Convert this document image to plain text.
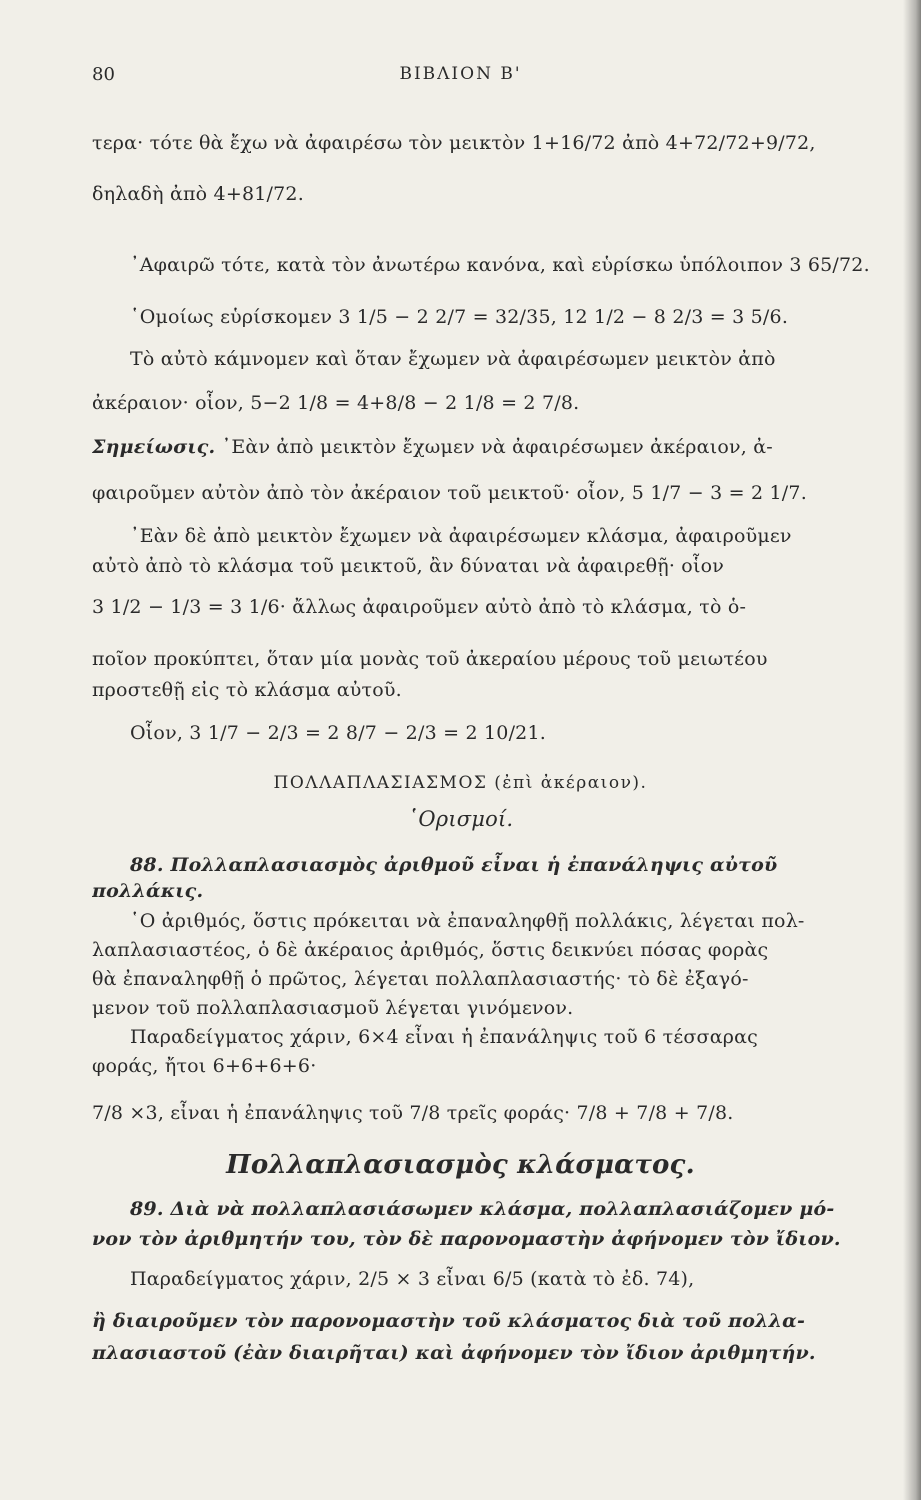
80	ΒΙΒΛΙΟΝ Β'
τερα· τότε θὰ ἔχω νὰ ἀφαιρέσω τὸν μεικτὸν 1+16/72 ἀπὸ 4+72/72+9/72,
δηλαδὴ ἀπὸ 4+81/72.
᾿Αφαιρῶ τότε, κατὰ τὸν ἀνωτέρω κανόνα, καὶ εὑρίσκω ὑπόλοιπον 3 65/72.
῾Ομοίως εὑρίσκομεν 3 1/5 − 2 2/7 = 32/35, 12 1/2 − 8 2/3 = 3 5/6.
Τὸ αὐτὸ κάμνομεν καὶ ὅταν ἔχωμεν νὰ ἀφαιρέσωμεν μεικτὸν ἀπὸ
ἀκέραιον· οἷον, 5−2 1/8 = 4+8/8 − 2 1/8 = 2 7/8.
Σημείωσις. ᾿Εὰν ἀπὸ μεικτὸν ἔχωμεν νὰ ἀφαιρέσωμεν ἀκέραιον, ἀ-
φαιροῦμεν αὐτὸν ἀπὸ τὸν ἀκέραιον τοῦ μεικτοῦ· οἷον, 5 1/7 − 3 = 2 1/7.
᾿Εὰν δὲ ἀπὸ μεικτὸν ἔχωμεν νὰ ἀφαιρέσωμεν κλάσμα, ἀφαιροῦμεν
αὐτὸ ἀπὸ τὸ κλάσμα τοῦ μεικτοῦ, ἂν δύναται νὰ ἀφαιρεθῇ· οἷον
3 1/2 − 1/3 = 3 1/6· ἄλλως ἀφαιροῦμεν αὐτὸ ἀπὸ τὸ κλάσμα, τὸ ὁ-
ποῖον προκύπτει, ὅταν μία μονὰς τοῦ ἀκεραίου μέρους τοῦ μειωτέου
προστεθῇ εἰς τὸ κλάσμα αὐτοῦ.
Οἷον, 3 1/7 − 2/3 = 2 8/7 − 2/3 = 2 10/21.
ΠΟΛΛΑΠΛΑΣΙΑΣΜΟΣ (ἐπὶ ἀκέραιον).
῾Ορισμοί.
88. Πολλαπλασιασμὸς ἀριθμοῦ εἶναι ἡ ἐπανάληψις αὐτοῦ
πολλάκις.
῾Ο ἀριθμός, ὅστις πρόκειται νὰ ἐπαναληφθῇ πολλάκις, λέγεται πολ-
λαπλασιαστέος, ὁ δὲ ἀκέραιος ἀριθμός, ὅστις δεικνύει πόσας φορὰς
θὰ ἐπαναληφθῇ ὁ πρῶτος, λέγεται πολλαπλασιαστής· τὸ δὲ ἐξαγό-
μενον τοῦ πολλαπλασιασμοῦ λέγεται γινόμενον.
Παραδείγματος χάριν, 6×4 εἶναι ἡ ἐπανάληψις τοῦ 6 τέσσαρας
φοράς, ἤτοι 6+6+6+6·
7/8 ×3, εἶναι ἡ ἐπανάληψις τοῦ 7/8 τρεῖς φοράς· 7/8 + 7/8 + 7/8.
Πολλαπλασιασμὸς κλάσματος.
89. Διὰ νὰ πολλαπλασιάσωμεν κλάσμα, πολλαπλασιάζομεν μό-
νον τὸν ἀριθμητήν του, τὸν δὲ παρονομαστὴν ἀφήνομεν τὸν ἴδιον.
Παραδείγματος χάριν, 2/5 × 3 εἶναι 6/5 (κατὰ τὸ ἐδ. 74),
ἢ διαιροῦμεν τὸν παρονομαστὴν τοῦ κλάσματος διὰ τοῦ πολλα-
πλασιαστοῦ (ἐὰν διαιρῆται) καὶ ἀφήνομεν τὸν ἴδιον ἀριθμητήν.
